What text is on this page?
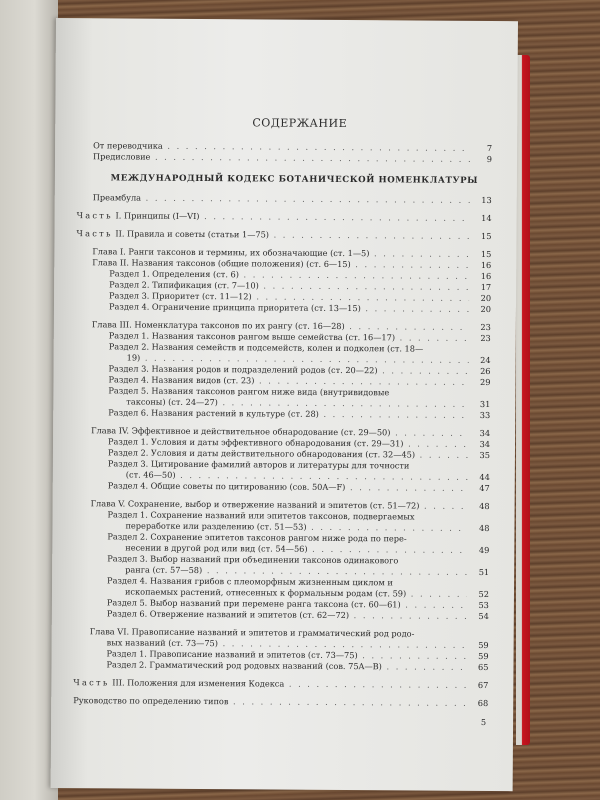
СОДЕРЖАНИЕ
От переводчика . . .	7
Предисловие . . .	9
МЕЖДУНАРОДНЫЙ КОДЕКС БОТАНИЧЕСКОЙ НОМЕНКЛАТУРЫ
Преамбула . . .	13
Часть I. Принципы (I—VI) . . .	14
Часть II. Правила и советы (статьи 1—75) . . .	15
Глава I. Ранги таксонов и термины, их обозначающие (ст. 1—5) . . .	15
Глава II. Названия таксонов (общие положения) (ст. 6—15) . . .	16
Раздел 1. Определения (ст. 6) . . .	16
Раздел 2. Типификация (ст. 7—10) . . .	17
Раздел 3. Приоритет (ст. 11—12) . . .	20
Раздел 4. Ограничение принципа приоритета (ст. 13—15) . . .	20
Глава III. Номенклатура таксонов по их рангу (ст. 16—28) . . .	23
Раздел 1. Названия таксонов рангом выше семейства (ст. 16—17) . . .	23
Раздел 2. Названия семейств и подсемейств, колен и подколен (ст. 18—
19) . . .	24
Раздел 3. Названия родов и подразделений родов (ст. 20—22) . . .	26
Раздел 4. Названия видов (ст. 23) . . .	29
Раздел 5. Названия таксонов рангом ниже вида (внутривидовые
таксоны) (ст. 24—27) . . .	31
Раздел 6. Названия растений в культуре (ст. 28) . . .	33
Глава IV. Эффективное и действительное обнародование (ст. 29—50) . . .	34
Раздел 1. Условия и даты эффективного обнародования (ст. 29—31) . . .	34
Раздел 2. Условия и даты действительного обнародования (ст. 32—45) . . .	35
Раздел 3. Цитирование фамилий авторов и литературы для точности
(ст. 46—50) . . .	44
Раздел 4. Общие советы по цитированию (сов. 50A—F) . . .	47
Глава V. Сохранение, выбор и отвержение названий и эпитетов (ст. 51—72) . . .	48
Раздел 1. Сохранение названий или эпитетов таксонов, подвергаемых
переработке или разделению (ст. 51—53) . . .	48
Раздел 2. Сохранение эпитетов таксонов рангом ниже рода по пере-
несении в другой род или вид (ст. 54—56) . . .	49
Раздел 3. Выбор названий при объединении таксонов одинакового
ранга (ст. 57—58) . . .	51
Раздел 4. Названия грибов с плеоморфным жизненным циклом и
ископаемых растений, отнесенных к формальным родам (ст. 59) . . .	52
Раздел 5. Выбор названий при перемене ранга таксона (ст. 60—61) . . .	53
Раздел 6. Отвержение названий и эпитетов (ст. 62—72) . . .	54
Глава VI. Правописание названий и эпитетов и грамматический род родо-
вых названий (ст. 73—75) . . .	59
Раздел 1. Правописание названий и эпитетов (ст. 73—75) . . .	59
Раздел 2. Грамматический род родовых названий (сов. 75A—B) . . .	65
Часть III. Положения для изменения Кодекса . . .	67
Руководство по определению типов . . .	68
5
